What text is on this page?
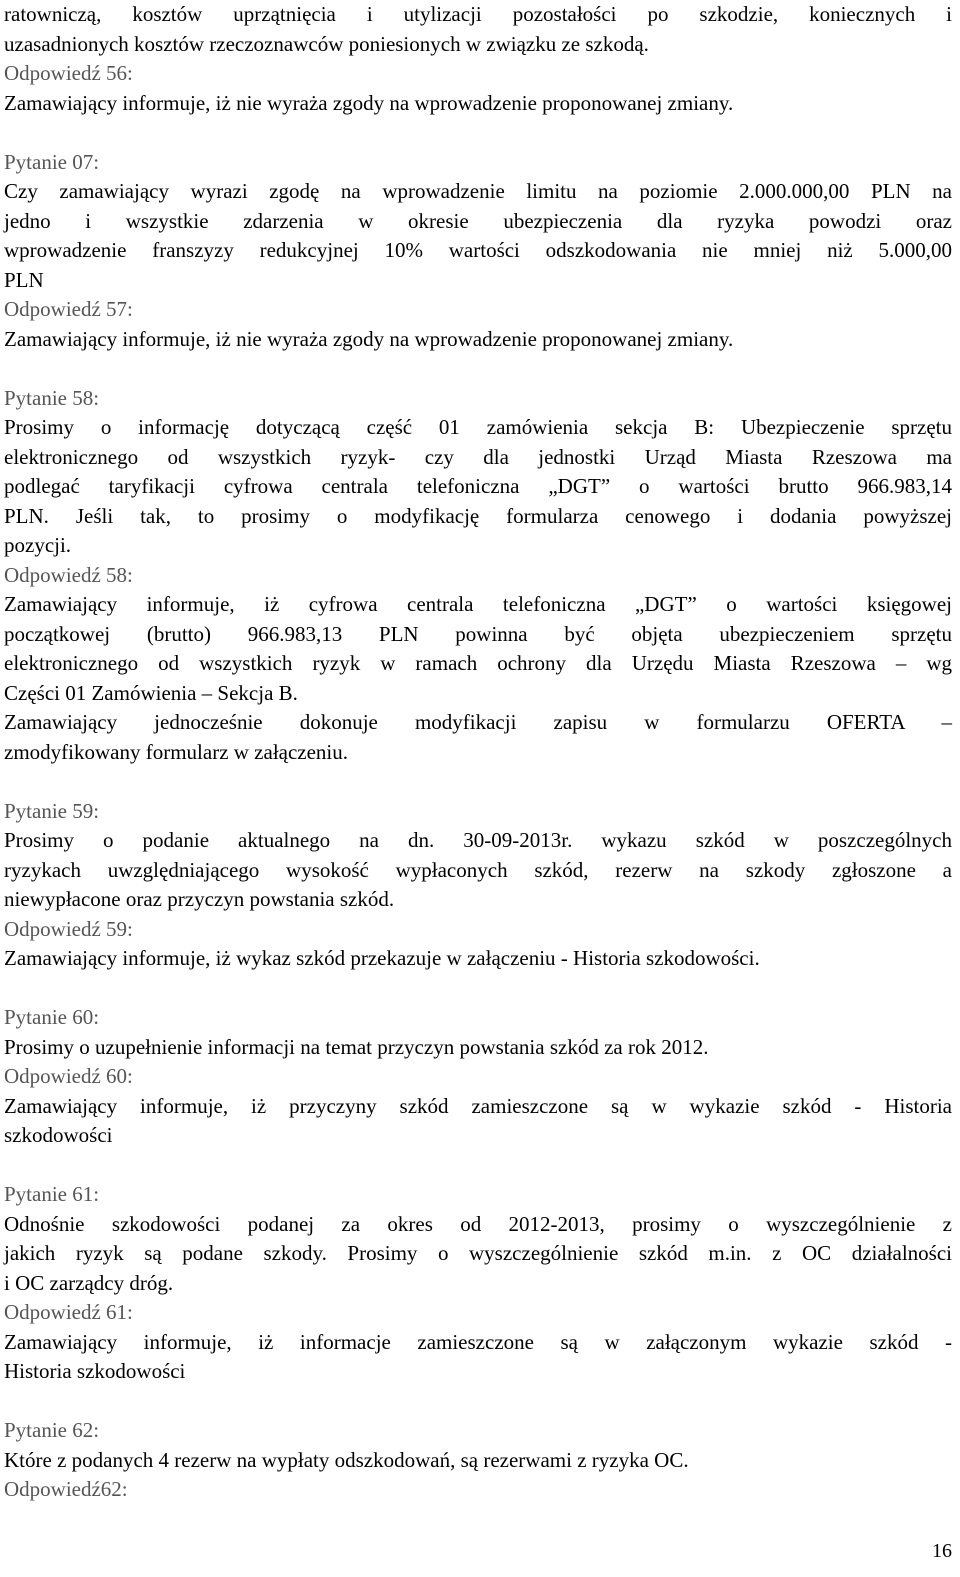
ratowniczą, kosztów uprzątnięcia i utylizacji pozostałości po szkodzie, koniecznych i
uzasadnionych kosztów rzeczoznawców poniesionych w związku ze szkodą.
Odpowiedź 56:
Zamawiający informuje, iż nie wyraża zgody na wprowadzenie proponowanej zmiany.
Pytanie 07:
Czy zamawiający wyrazi zgodę na wprowadzenie limitu na poziomie 2.000.000,00 PLN na
jedno i wszystkie zdarzenia w okresie ubezpieczenia dla ryzyka powodzi oraz
wprowadzenie franszyzy redukcyjnej 10% wartości odszkodowania nie mniej niż 5.000,00
PLN
Odpowiedź 57:
Zamawiający informuje, iż nie wyraża zgody na wprowadzenie proponowanej zmiany.
Pytanie 58:
Prosimy o informację dotyczącą część 01 zamówienia sekcja B: Ubezpieczenie sprzętu
elektronicznego od wszystkich ryzyk- czy dla jednostki Urząd Miasta Rzeszowa ma
podlegać taryfikacji cyfrowa centrala telefoniczna „DGT” o wartości brutto 966.983,14
PLN. Jeśli tak, to prosimy o modyfikację formularza cenowego i dodania powyższej
pozycji.
Odpowiedź 58:
Zamawiający informuje, iż cyfrowa centrala telefoniczna „DGT” o wartości księgowej
początkowej (brutto) 966.983,13 PLN powinna być objęta ubezpieczeniem sprzętu
elektronicznego od wszystkich ryzyk w ramach ochrony dla Urzędu Miasta Rzeszowa – wg
Części 01 Zamówienia – Sekcja B.
Zamawiający jednocześnie dokonuje modyfikacji zapisu w formularzu OFERTA –
zmodyfikowany formularz w załączeniu.
Pytanie 59:
Prosimy o podanie aktualnego na dn. 30-09-2013r. wykazu szkód w poszczególnych
ryzykach uwzględniającego wysokość wypłaconych szkód, rezerw na szkody zgłoszone a
niewypłacone oraz przyczyn powstania szkód.
Odpowiedź 59:
Zamawiający informuje, iż wykaz szkód przekazuje w załączeniu - Historia szkodowości.
Pytanie 60:
Prosimy o uzupełnienie informacji na temat przyczyn powstania szkód za rok 2012.
Odpowiedź 60:
Zamawiający informuje, iż przyczyny szkód zamieszczone są w wykazie szkód - Historia
szkodowości
Pytanie 61:
Odnośnie szkodowości podanej za okres od 2012-2013, prosimy o wyszczególnienie z
jakich ryzyk są podane szkody. Prosimy o wyszczególnienie szkód m.in. z OC działalności
i OC zarządcy dróg.
Odpowiedź 61:
Zamawiający informuje, iż informacje zamieszczone są w załączonym wykazie szkód -
Historia szkodowości
Pytanie 62:
Które z podanych 4 rezerw na wypłaty odszkodowań, są rezerwami z ryzyka OC.
Odpowiedź62:
16
